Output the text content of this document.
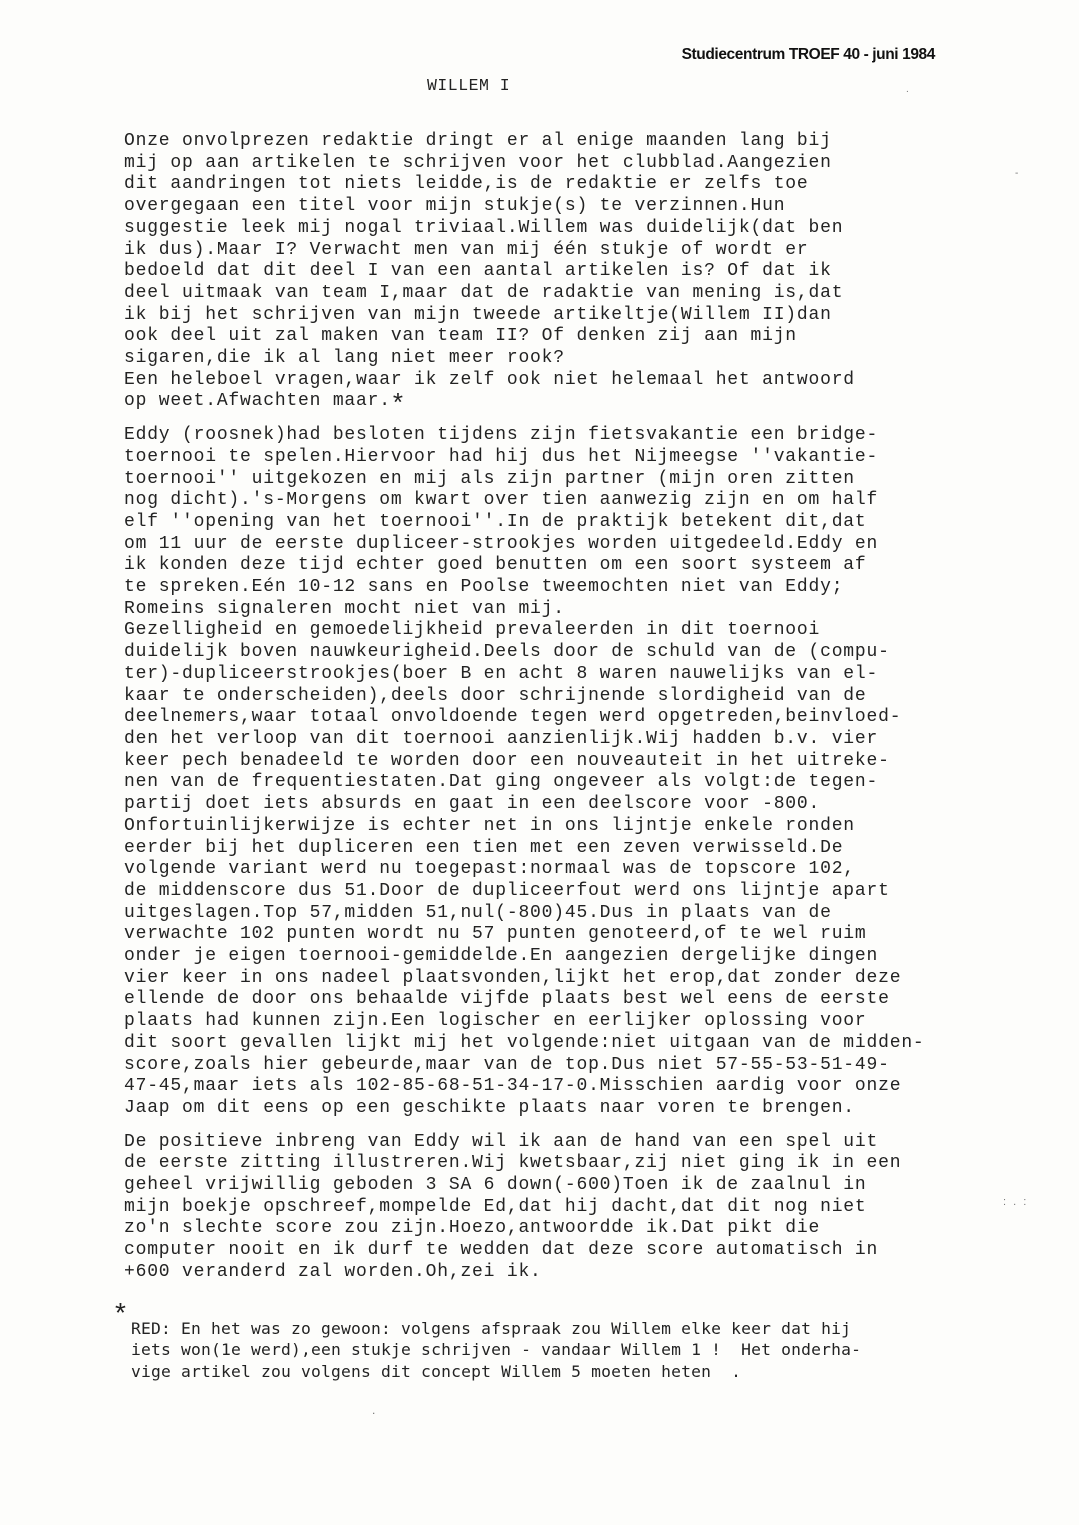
Studiecentrum TROEF 40 - juni 1984
WILLEM I
Onze onvolprezen redaktie dringt er al enige maanden lang bij
mij op aan artikelen te schrijven voor het clubblad.Aangezien
dit aandringen tot niets leidde,is de redaktie er zelfs toe
overgegaan een titel voor mijn stukje(s) te verzinnen.Hun
suggestie leek mij nogal triviaal.Willem was duidelijk(dat ben
ik dus).Maar I? Verwacht men van mij één stukje of wordt er
bedoeld dat dit deel I van een aantal artikelen is? Of dat ik
deel uitmaak van team I,maar dat de radaktie van mening is,dat
ik bij het schrijven van mijn tweede artikeltje(Willem II)dan
ook deel uit zal maken van team II? Of denken zij aan mijn
sigaren,die ik al lang niet meer rook?
Een heleboel vragen,waar ik zelf ook niet helemaal het antwoord
op weet.Afwachten maar.*
Eddy (roosnek)had besloten tijdens zijn fietsvakantie een bridge-
toernooi te spelen.Hiervoor had hij dus het Nijmeegse ''vakantie-
toernooi'' uitgekozen en mij als zijn partner (mijn oren zitten
nog dicht).'s-Morgens om kwart over tien aanwezig zijn en om half
elf ''opening van het toernooi''.In de praktijk betekent dit,dat
om 11 uur de eerste dupliceer-strookjes worden uitgedeeld.Eddy en
ik konden deze tijd echter goed benutten om een soort systeem af
te spreken.Eén 10-12 sans en Poolse tweemochten niet van Eddy;
Romeins signaleren mocht niet van mij.
Gezelligheid en gemoedelijkheid prevaleerden in dit toernooi
duidelijk boven nauwkeurigheid.Deels door de schuld van de (compu-
ter)-dupliceerstrookjes(boer B en acht 8 waren nauwelijks van el-
kaar te onderscheiden),deels door schrijnende slordigheid van de
deelnemers,waar totaal onvoldoende tegen werd opgetreden,beinvloed-
den het verloop van dit toernooi aanzienlijk.Wij hadden b.v. vier
keer pech benadeeld te worden door een nouveauteit in het uitreke-
nen van de frequentiestaten.Dat ging ongeveer als volgt:de tegen-
partij doet iets absurds en gaat in een deelscore voor -800.
Onfortuinlijkerwijze is echter net in ons lijntje enkele ronden
eerder bij het dupliceren een tien met een zeven verwisseld.De
volgende variant werd nu toegepast:normaal was de topscore 102,
de middenscore dus 51.Door de dupliceerfout werd ons lijntje apart
uitgeslagen.Top 57,midden 51,nul(-800)45.Dus in plaats van de
verwachte 102 punten wordt nu 57 punten genoteerd,of te wel ruim
onder je eigen toernooi-gemiddelde.En aangezien dergelijke dingen
vier keer in ons nadeel plaatsvonden,lijkt het erop,dat zonder deze
ellende de door ons behaalde vijfde plaats best wel eens de eerste
plaats had kunnen zijn.Een logischer en eerlijker oplossing voor
dit soort gevallen lijkt mij het volgende:niet uitgaan van de midden-
score,zoals hier gebeurde,maar van de top.Dus niet 57-55-53-51-49-
47-45,maar iets als 102-85-68-51-34-17-0.Misschien aardig voor onze
Jaap om dit eens op een geschikte plaats naar voren te brengen.
De positieve inbreng van Eddy wil ik aan de hand van een spel uit
de eerste zitting illustreren.Wij kwetsbaar,zij niet ging ik in een
geheel vrijwillig geboden 3 SA 6 down(-600)Toen ik de zaalnul in
mijn boekje opschreef,mompelde Ed,dat hij dacht,dat dit nog niet
zo'n slechte score zou zijn.Hoezo,antwoordde ik.Dat pikt die
computer nooit en ik durf te wedden dat deze score automatisch in
+600 veranderd zal worden.Oh,zei ik.
*
RED: En het was zo gewoon: volgens afspraak zou Willem elke keer dat hij
iets won(1e werd),een stukje schrijven - vandaar Willem 1 !  Het onderha-
vige artikel zou volgens dit concept Willem 5 moeten heten  .
.
-
.
: . :
